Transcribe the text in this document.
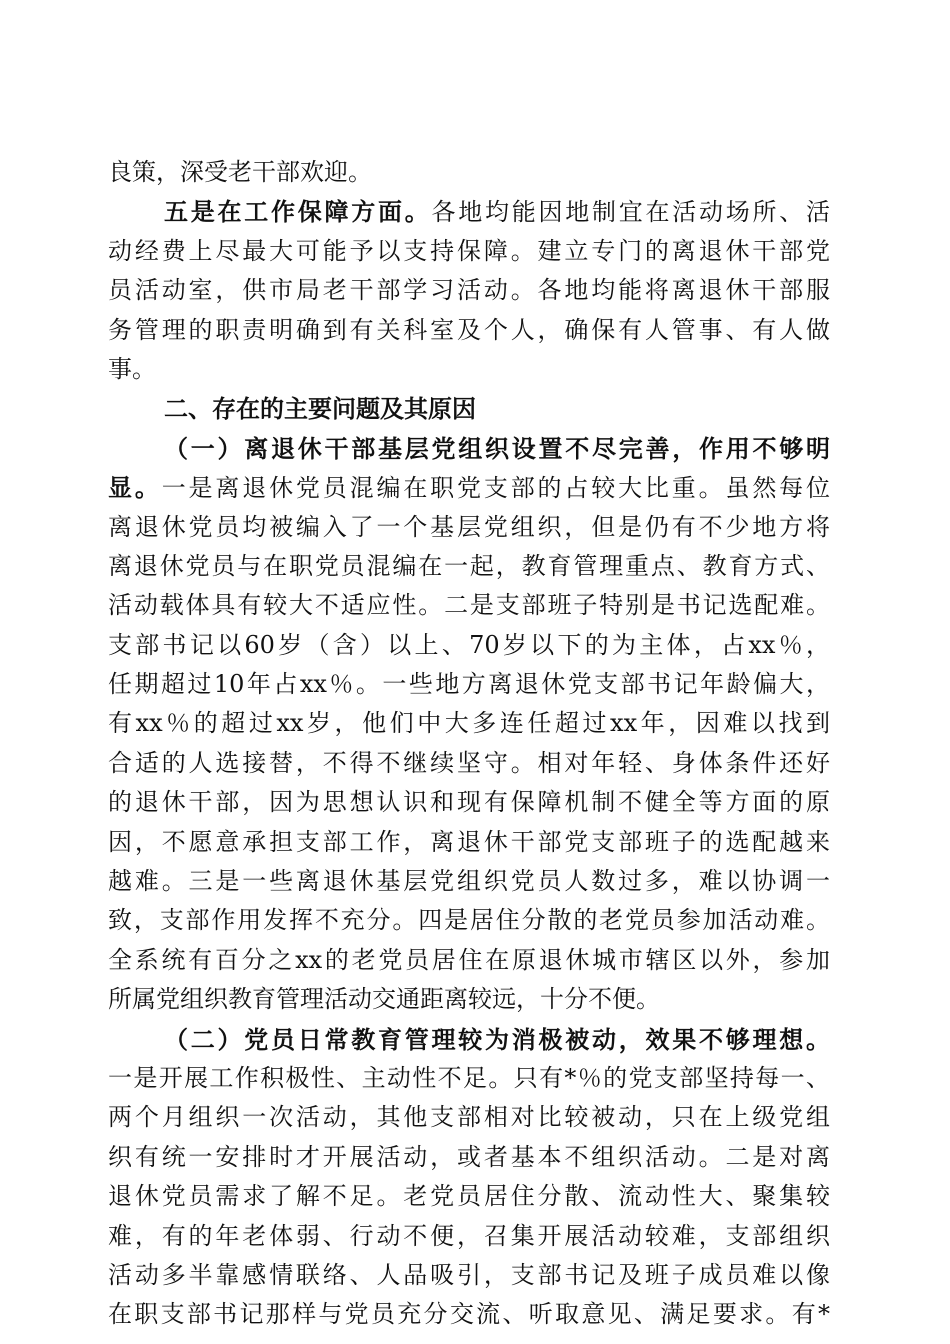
良策，深受老干部欢迎。
五是在工作保障方面。各地均能因地制宜在活动场所、活
动经费上尽最大可能予以支持保障。建立专门的离退休干部党
员活动室，供市局老干部学习活动。各地均能将离退休干部服
务管理的职责明确到有关科室及个人，确保有人管事、有人做
事。
二、存在的主要问题及其原因
（一）离退休干部基层党组织设置不尽完善，作用不够明
显。一是离退休党员混编在职党支部的占较大比重。虽然每位
离退休党员均被编入了一个基层党组织，但是仍有不少地方将
离退休党员与在职党员混编在一起，教育管理重点、教育方式、
活动载体具有较大不适应性。二是支部班子特别是书记选配难。
支部书记以60岁（含）以上、70岁以下的为主体，占xx％，
任期超过10年占xx％。一些地方离退休党支部书记年龄偏大，
有xx％的超过xx岁，他们中大多连任超过xx年，因难以找到
合适的人选接替，不得不继续坚守。相对年轻、身体条件还好
的退休干部，因为思想认识和现有保障机制不健全等方面的原
因，不愿意承担支部工作，离退休干部党支部班子的选配越来
越难。三是一些离退休基层党组织党员人数过多，难以协调一
致，支部作用发挥不充分。四是居住分散的老党员参加活动难。
全系统有百分之xx的老党员居住在原退休城市辖区以外，参加
所属党组织教育管理活动交通距离较远，十分不便。
（二）党员日常教育管理较为消极被动，效果不够理想。
一是开展工作积极性、主动性不足。只有*％的党支部坚持每一、
两个月组织一次活动，其他支部相对比较被动，只在上级党组
织有统一安排时才开展活动，或者基本不组织活动。二是对离
退休党员需求了解不足。老党员居住分散、流动性大、聚集较
难，有的年老体弱、行动不便，召集开展活动较难，支部组织
活动多半靠感情联络、人品吸引，支部书记及班子成员难以像
在职支部书记那样与党员充分交流、听取意见、满足要求。有*
